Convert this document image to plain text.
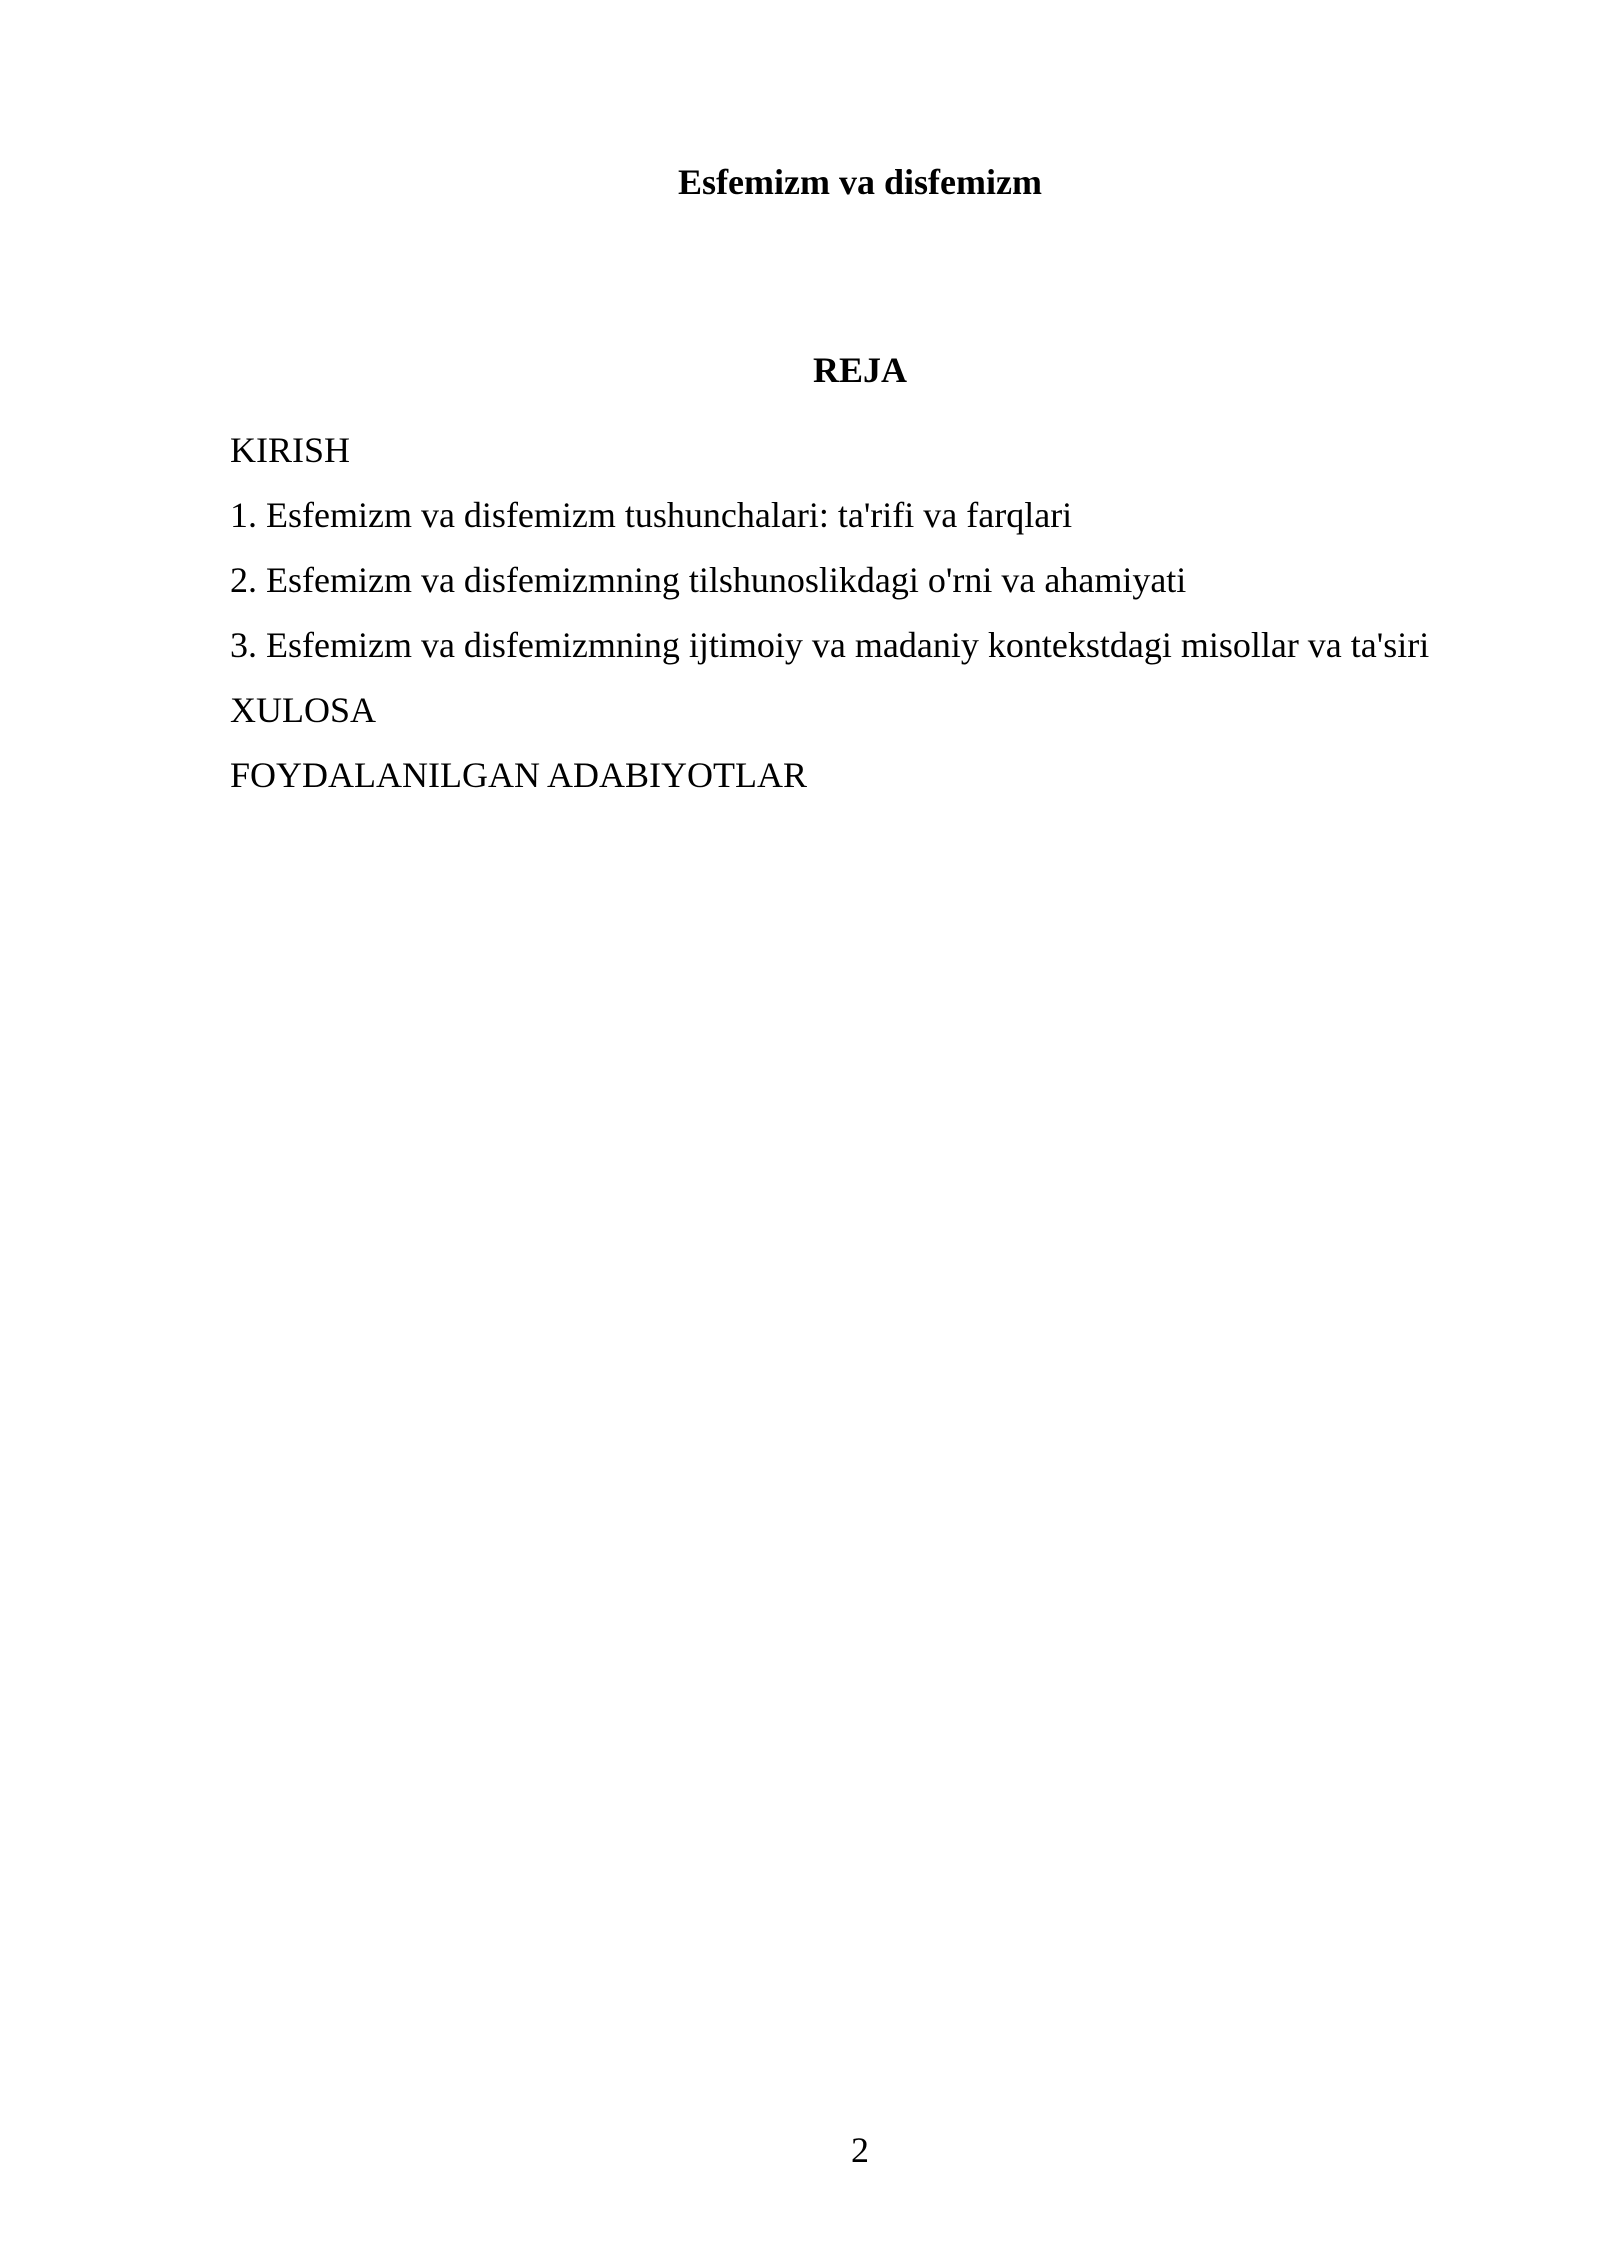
Esfemizm va disfemizm
REJA
KIRISH
1. Esfemizm va disfemizm tushunchalari: ta'rifi va farqlari
2. Esfemizm va disfemizmning tilshunoslikdagi o'rni va ahamiyati
3. Esfemizm va disfemizmning ijtimoiy va madaniy kontekstdagi misollar va ta'siri
XULOSA
FOYDALANILGAN ADABIYOTLAR
2
